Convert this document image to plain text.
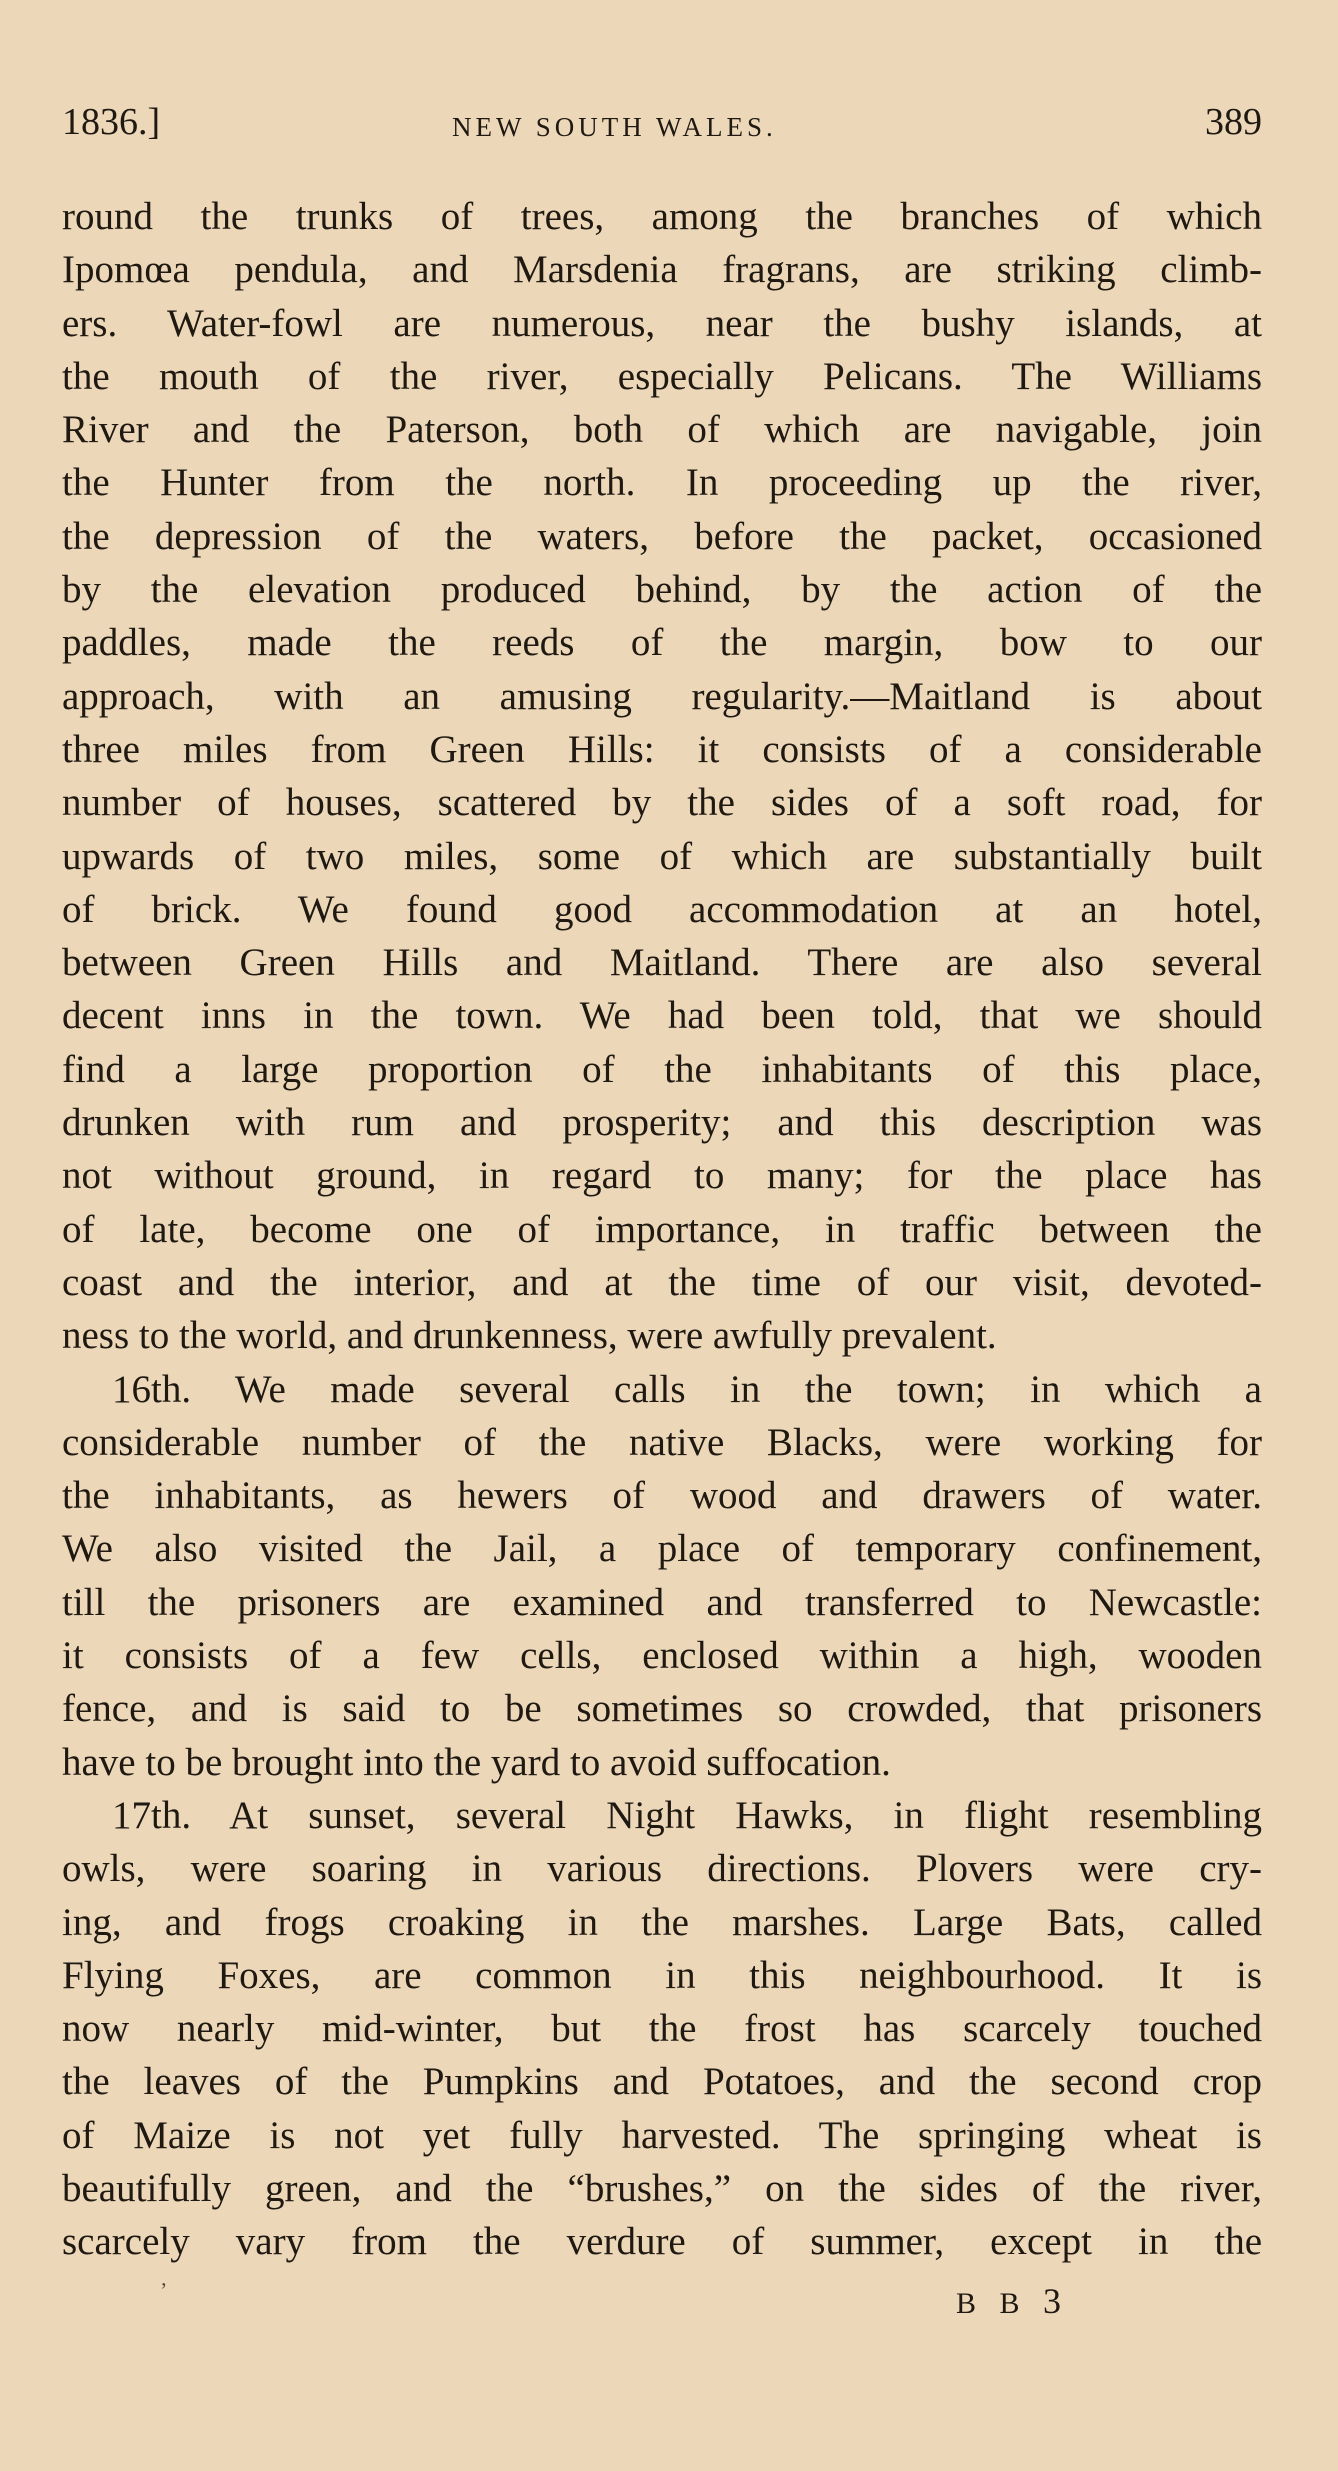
1836.]	NEW SOUTH WALES.	389
round the trunks of trees, among the branches of which
Ipomœa pendula, and Marsdenia fragrans, are striking climb-
ers. Water-fowl are numerous, near the bushy islands, at
the mouth of the river, especially Pelicans. The Williams
River and the Paterson, both of which are navigable, join
the Hunter from the north. In proceeding up the river,
the depression of the waters, before the packet, occasioned
by the elevation produced behind, by the action of the
paddles, made the reeds of the margin, bow to our
approach, with an amusing regularity.—Maitland is about
three miles from Green Hills: it consists of a considerable
number of houses, scattered by the sides of a soft road, for
upwards of two miles, some of which are substantially built
of brick. We found good accommodation at an hotel,
between Green Hills and Maitland. There are also several
decent inns in the town. We had been told, that we should
find a large proportion of the inhabitants of this place,
drunken with rum and prosperity; and this description was
not without ground, in regard to many; for the place has
of late, become one of importance, in traffic between the
coast and the interior, and at the time of our visit, devoted-
ness to the world, and drunkenness, were awfully prevalent.
16th. We made several calls in the town; in which a
considerable number of the native Blacks, were working for
the inhabitants, as hewers of wood and drawers of water.
We also visited the Jail, a place of temporary confinement,
till the prisoners are examined and transferred to Newcastle:
it consists of a few cells, enclosed within a high, wooden
fence, and is said to be sometimes so crowded, that prisoners
have to be brought into the yard to avoid suffocation.
17th. At sunset, several Night Hawks, in flight resembling
owls, were soaring in various directions. Plovers were cry-
ing, and frogs croaking in the marshes. Large Bats, called
Flying Foxes, are common in this neighbourhood. It is
now nearly mid-winter, but the frost has scarcely touched
the leaves of the Pumpkins and Potatoes, and the second crop
of Maize is not yet fully harvested. The springing wheat is
beautifully green, and the “brushes,” on the sides of the river,
scarcely vary from the verdure of summer, except in the
ʼ	B B 3
